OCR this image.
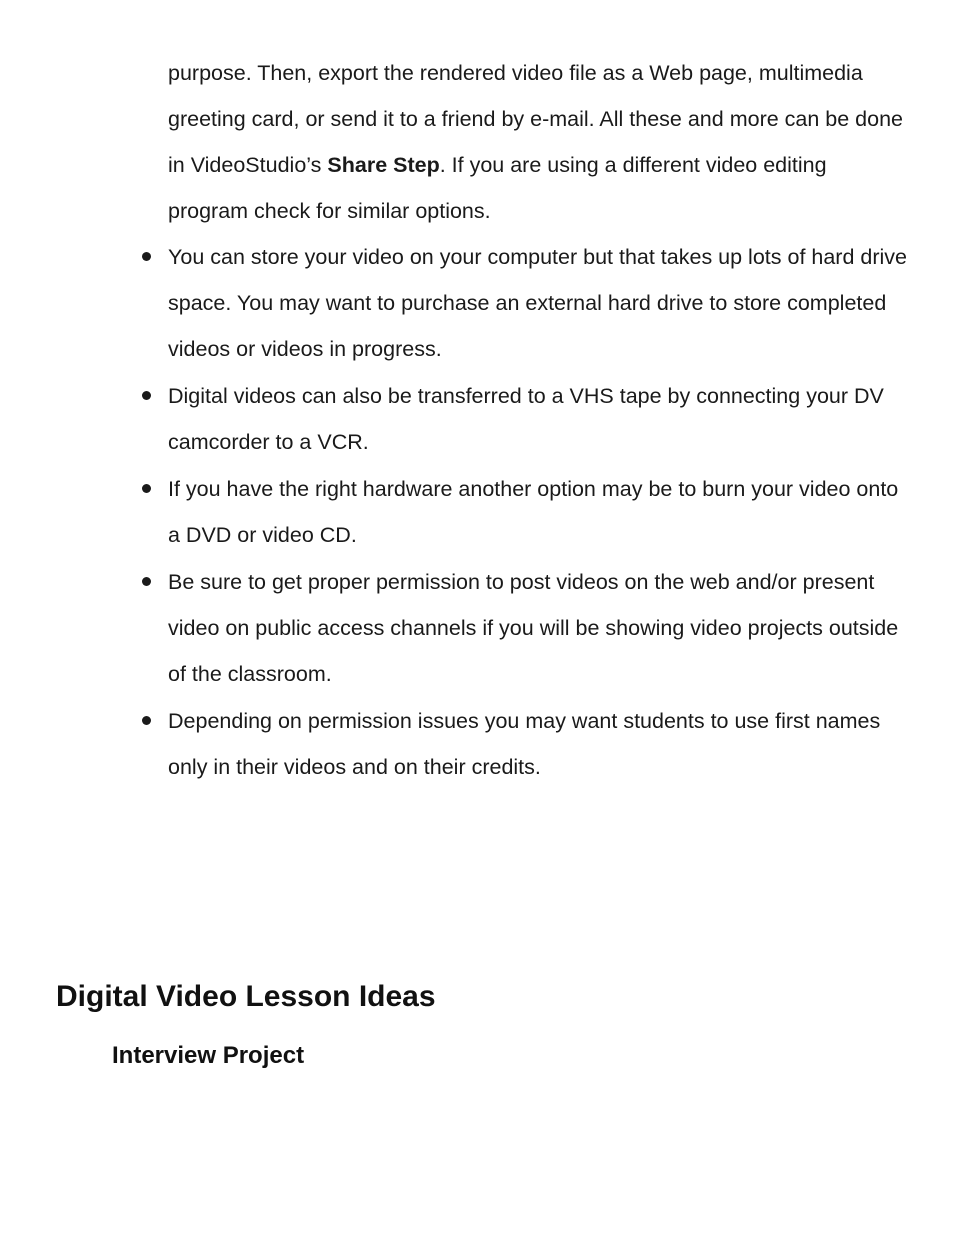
purpose. Then, export the rendered video file as a Web page, multimedia greeting card, or send it to a friend by e-mail. All these and more can be done in VideoStudio’s Share Step. If you are using a different video editing program check for similar options.

You can store your video on your computer but that takes up lots of hard drive space. You may want to purchase an external hard drive to store completed videos or videos in progress.
Digital videos can also be transferred to a VHS tape by connecting your DV camcorder to a VCR.
If you have the right hardware another option may be to burn your video onto a DVD or video CD.
Be sure to get proper permission to post videos on the web and/or present video on public access channels if you will be showing video projects outside of the classroom.
Depending on permission issues you may want students to use first names only in their videos and on their credits.
Digital Video Lesson Ideas
Interview Project
